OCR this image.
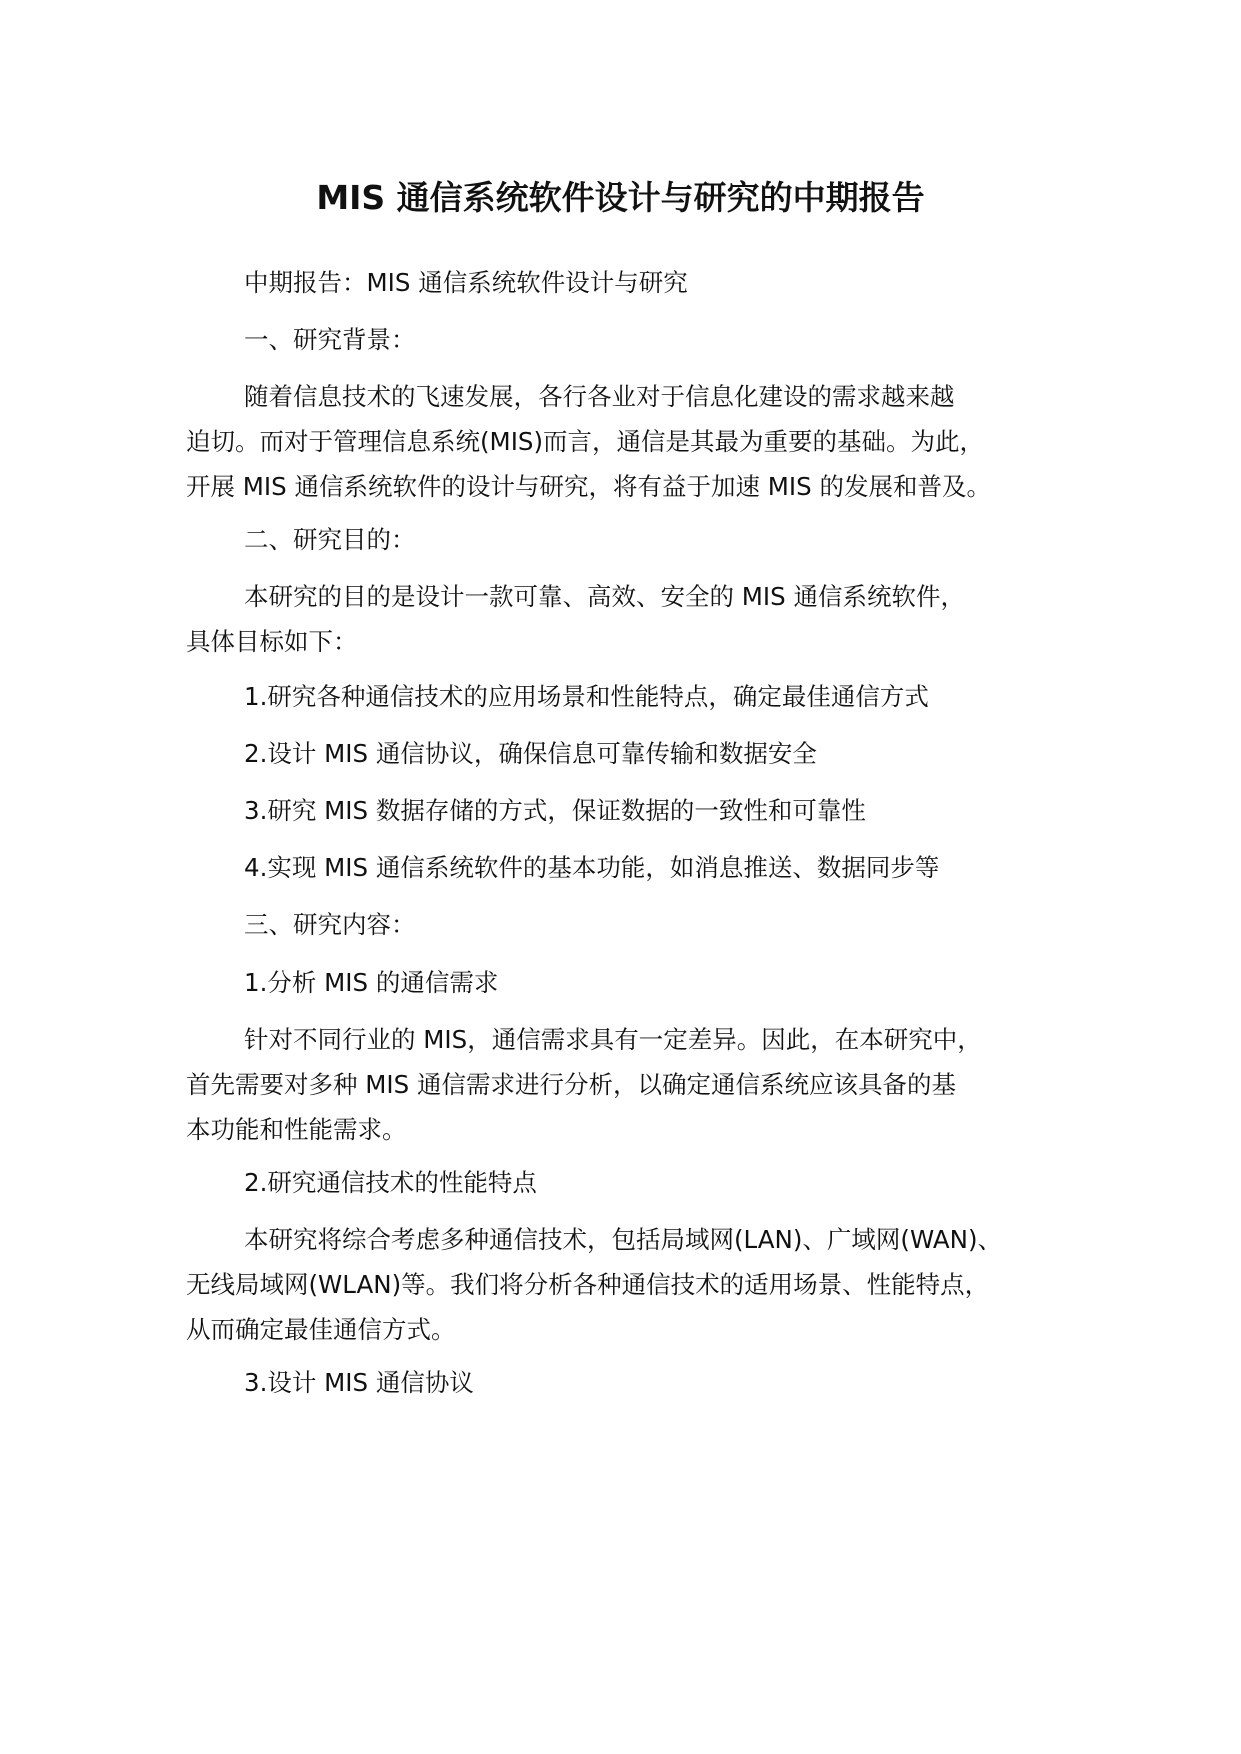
MIS 通信系统软件设计与研究的中期报告
中期报告：MIS 通信系统软件设计与研究
一、研究背景：
随着信息技术的飞速发展，各行各业对于信息化建设的需求越来越
迫切。而对于管理信息系统(MIS)而言，通信是其最为重要的基础。为此，
开展 MIS 通信系统软件的设计与研究，将有益于加速 MIS 的发展和普及。
二、研究目的：
本研究的目的是设计一款可靠、高效、安全的 MIS 通信系统软件，
具体目标如下：
1.研究各种通信技术的应用场景和性能特点，确定最佳通信方式
2.设计 MIS 通信协议，确保信息可靠传输和数据安全
3.研究 MIS 数据存储的方式，保证数据的一致性和可靠性
4.实现 MIS 通信系统软件的基本功能，如消息推送、数据同步等
三、研究内容：
1.分析 MIS 的通信需求
针对不同行业的 MIS，通信需求具有一定差异。因此，在本研究中，
首先需要对多种 MIS 通信需求进行分析，以确定通信系统应该具备的基
本功能和性能需求。
2.研究通信技术的性能特点
本研究将综合考虑多种通信技术，包括局域网(LAN)、广域网(WAN)、
无线局域网(WLAN)等。我们将分析各种通信技术的适用场景、性能特点，
从而确定最佳通信方式。
3.设计 MIS 通信协议
